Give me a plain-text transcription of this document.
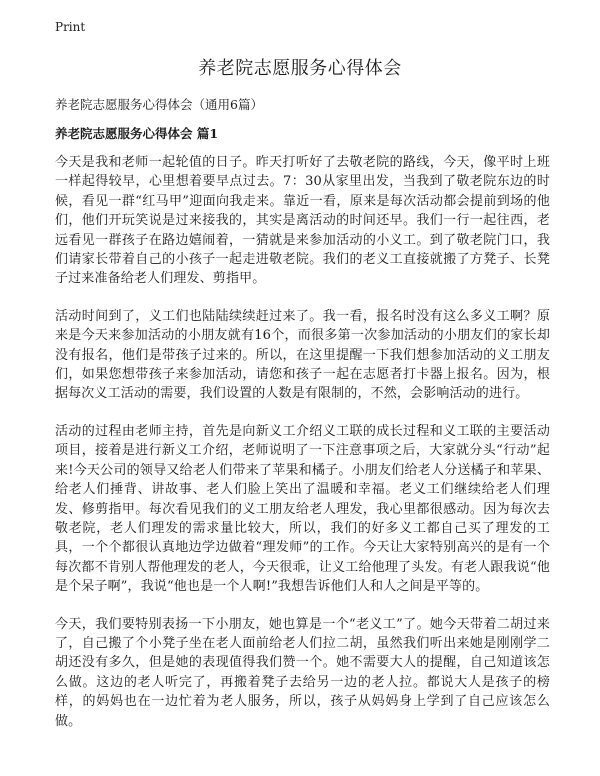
Print
养老院志愿服务心得体会
养老院志愿服务心得体会（通用6篇）
养老院志愿服务心得体会 篇1

今天是我和老师一起轮值的日子。昨天打听好了去敬老院的路线，今天，像平时上班一样起得较早，心里想着要早点过去。7：30从家里出发，当我到了敬老院东边的时候，看见一群“红马甲”迎面向我走来。靠近一看，原来是每次活动都会提前到场的他们，他们开玩笑说是过来接我的，其实是离活动的时间还早。我们一行一起往西，老远看见一群孩子在路边嬉闹着，一猜就是来参加活动的小义工。到了敬老院门口，我们请家长带着自己的小孩子一起走进敬老院。我们的老义工直接就搬了方凳子、长凳子过来准备给老人们理发、剪指甲。

活动时间到了，义工们也陆陆续续赶过来了。我一看，报名时没有这么多义工啊？原来是今天来参加活动的小朋友就有16个，而很多第一次参加活动的小朋友们的家长却没有报名，他们是带孩子过来的。所以，在这里提醒一下我们想参加活动的义工朋友们，如果您想带孩子来参加活动，请您和孩子一起在志愿者打卡器上报名。因为，根据每次义工活动的需要，我们设置的人数是有限制的，不然，会影响活动的进行。

活动的过程由老师主持，首先是向新义工介绍义工联的成长过程和义工联的主要活动项目，接着是进行新义工介绍，老师说明了一下注意事项之后，大家就分头“行动”起来!今天公司的领导又给老人们带来了苹果和橘子。小朋友们给老人分送橘子和苹果、给老人们捶背、讲故事、老人们脸上笑出了温暖和幸福。老义工们继续给老人们理发、修剪指甲。每次看见我们的义工朋友给老人理发，我心里都很感动。因为每次去敬老院，老人们理发的需求量比较大，所以，我们的好多义工都自己买了理发的工具，一个个都很认真地边学边做着“理发师”的工作。今天让大家特别高兴的是有一个每次都不肯别人帮他理发的老人，今天很乖，让义工给他理了头发。有老人跟我说“他是个呆子啊”，我说“他也是一个人啊!”我想告诉他们人和人之间是平等的。

今天，我们要特别表扬一下小朋友，她也算是一个“老义工”了。她今天带着二胡过来了，自己搬了个小凳子坐在老人面前给老人们拉二胡，虽然我们听出来她是刚刚学二胡还没有多久，但是她的表现值得我们赞一个。她不需要大人的提醒，自己知道该怎么做。这边的老人听完了，再搬着凳子去给另一边的老人拉。都说大人是孩子的榜样，的妈妈也在一边忙着为老人服务，所以，孩子从妈妈身上学到了自己应该怎么做。
